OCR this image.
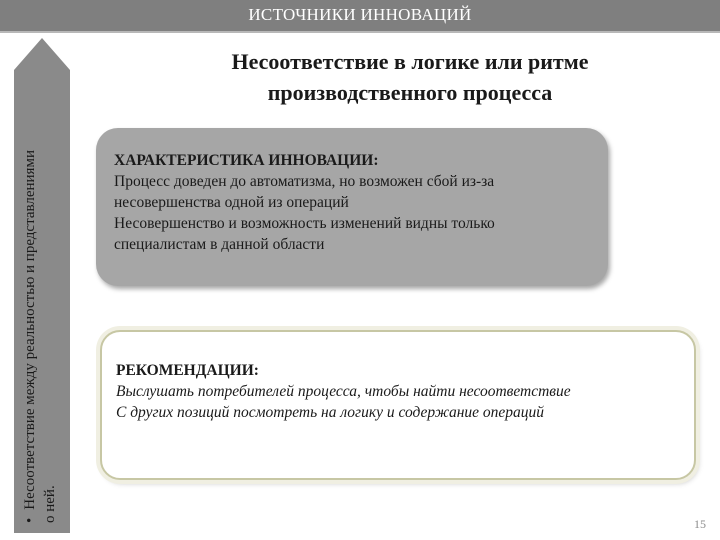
ИСТОЧНИКИ ИННОВАЦИЙ
•Несоответствие между реальностью и представлениями о ней.
Несоответствие в логике или ритме
производственного процесса
ХАРАКТЕРИСТИКА ИННОВАЦИИ:
Процесс доведен до автоматизма, но возможен сбой из-за несовершенства одной из операций
Несовершенство и возможность изменений видны только специалистам в данной области
РЕКОМЕНДАЦИИ:
Выслушать потребителей процесса, чтобы найти несоответствие
С других позиций посмотреть на логику и содержание операций
15
